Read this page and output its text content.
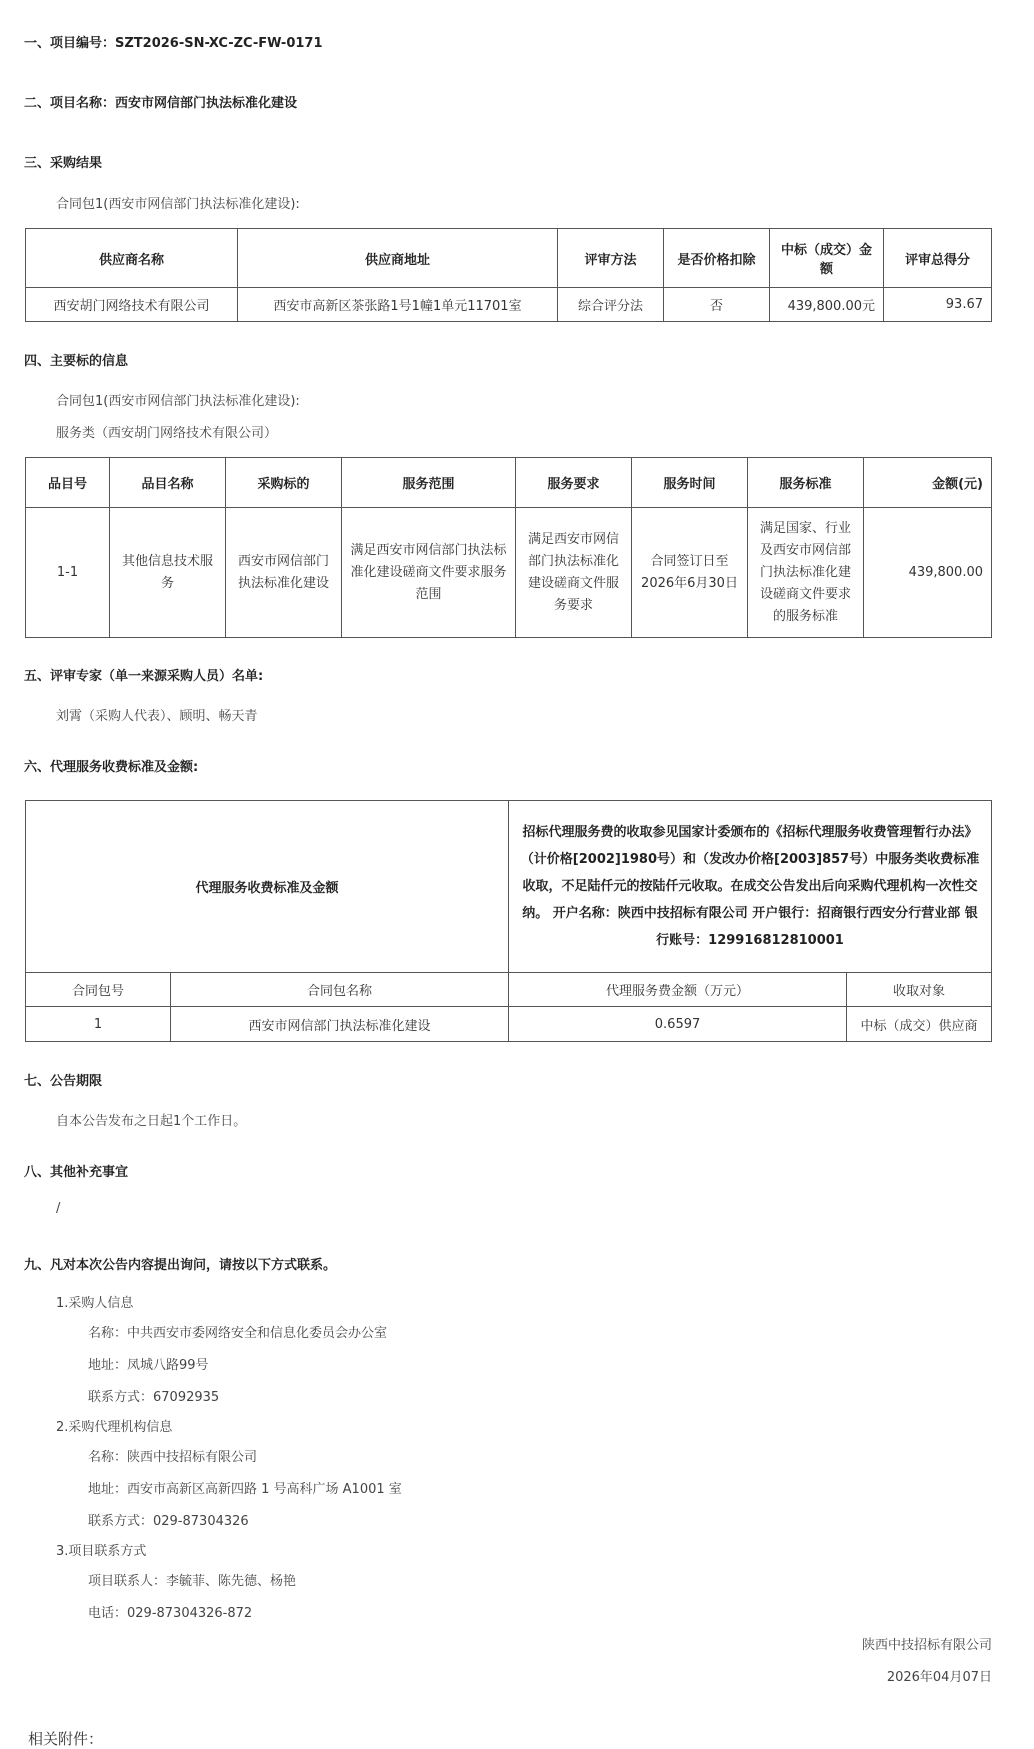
一、项目编号：SZT2026-SN-XC-ZC-FW-0171
二、项目名称：西安市网信部门执法标准化建设
三、采购结果
合同包1(西安市网信部门执法标准化建设):
供应商名称	供应商地址	评审方法	是否价格扣除	中标（成交）金额	评审总得分
西安胡门网络技术有限公司	西安市高新区茶张路1号1幢1单元11701室	综合评分法	否	439,800.00元	93.67
四、主要标的信息
合同包1(西安市网信部门执法标准化建设):
服务类（西安胡门网络技术有限公司）
品目号	品目名称	采购标的	服务范围	服务要求	服务时间	服务标准	金额(元)
1-1	其他信息技术服务	西安市网信部门执法标准化建设	满足西安市网信部门执法标准化建设磋商文件要求服务范围	满足西安市网信部门执法标准化建设磋商文件服务要求	合同签订日至2026年6月30日	满足国家、行业及西安市网信部门执法标准化建设磋商文件要求的服务标准	439,800.00
五、评审专家（单一来源采购人员）名单:
刘霄（采购人代表）、顾明、畅天青
六、代理服务收费标准及金额:
代理服务收费标准及金额		招标代理服务费的收取参见国家计委颁布的《招标代理服务收费管理暂行办法》（计价格[2002]1980号）和（发改办价格[2003]857号）中服务类收费标准收取，不足陆仟元的按陆仟元收取。在成交公告发出后向采购代理机构一次性交纳。 开户名称：陕西中技招标有限公司 开户银行：招商银行西安分行营业部 银行账号：129916812810001	
合同包号	合同包名称	代理服务费金额（万元）	收取对象
1	西安市网信部门执法标准化建设	0.6597	中标（成交）供应商
七、公告期限
自本公告发布之日起1个工作日。
八、其他补充事宜
/
九、凡对本次公告内容提出询问，请按以下方式联系。
1.采购人信息
名称：中共西安市委网络安全和信息化委员会办公室
地址：凤城八路99号
联系方式：67092935
2.采购代理机构信息
名称：陕西中技招标有限公司
地址：西安市高新区高新四路 1 号高科广场 A1001 室
联系方式：029-87304326
3.项目联系方式
项目联系人：李毓菲、陈先德、杨艳
电话：029-87304326-872
陕西中技招标有限公司
2026年04月07日
相关附件：
